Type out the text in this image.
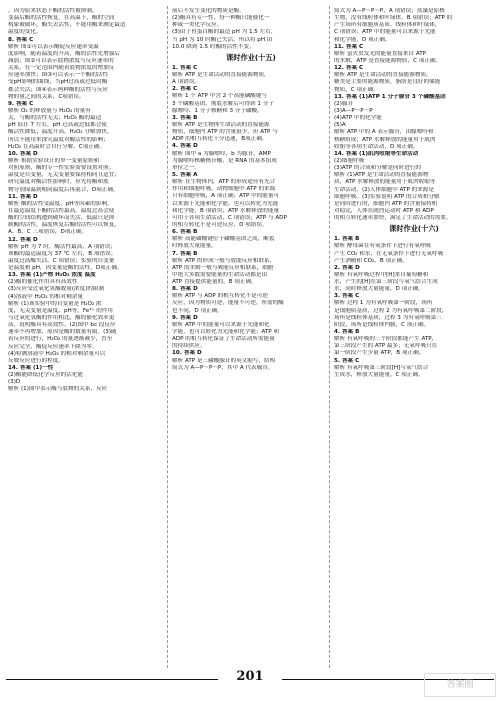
，因为原来状态下酶的活性被抑制，
变温后酶的活性恢复。在高温下，酶的空间
构象被破坏，酶失去活性，不能用酶来测定最适
温度的变化。
8. 答案 C
解析 图①可以表示酶促反应速率受温
度影响，随着温度的升高，酶的活性先增强后
减弱；图②可以表示底物浓度与反应速率的
关系，在一定范围内随着底物浓度的增加反
应速率加快；图③可以表示一个酶的活性
受pH影响的曲线，当pH过高或过低时酶
都会失活；图④表示两种酶的活性与反应
物的量之间的关系，C项错误。
9. 答案 C
解析 O₂ 的释放量与 H₂O₂ 的量有
关，与酶的活性无关；H₂O₂ 酶的最适
pH 值在 7 左右，pH 过高或过低都会使
酶活性降低；温度升高，H₂O₂ 分解加快，
所以不能用来探究温度对酶活性的影响；
H₂O₂ 在高温时会自行分解，C项正确。
10. 答案 D
解析 根据实验设计的单一变量原则和
对照原则，酶的专一性实验需要设置对照；
温度是自变量，无关变量要保持相同且适宜；
研究温度对酶活性影响时，应先将酶和底
物分别保温到相同温度后再混合，D项正确。
11. 答案 D
解析 酶的活性受温度、pH等因素的影响，
在最适温度下酶的活性最高，温度过高会使
酶的空间结构遭到破坏而失活，低温只是抑
制酶的活性，温度恢复后酶的活性可以恢复，
A、B、C 三项错误，D项正确。
12. 答案 D
解析 pH 为 7 时，酶活性最高，A 项错误；
该酶的最适温度为 37 ℃ 左右，B 项错误；
温度过高酶失活，C 项错误；实验的自变量
是温度和 pH，因变量是酶的活性，D项正确。
13. 答案 (1)产物 H₂O₂ 浓度 温度
(2)酶的催化作用具有高效性
(3)反应受过氧化氢酶数量(浓度)的限制
(4)溶液中 H₂O₂ 的相对剩余量
解析 (1)该实验中的自变量是 H₂O₂ 浓
度，无关变量是温度、pH等，Fe³⁺ 的作用
与过氧化氢酶的作用相比，酶的催化效率更
高，说明酶具有高效性。(2)图中 bc 段反应
速率不再增加，原因是酶的数量有限。(3)随
着反应的进行，H₂O₂ 的量逐渐减少，直至
反应完全，酶促反应速率下降为零。
(4)检测溶液中 H₂O₂ 的相对剩余量可以
反映反应进行的程度。
14. 答案 (1)一性
(2)酶能降低化学反应的活化能
(3)D
解析 (1)图中表示酶与底物的关系，反应
前后不发生变化的物质是酶。
(2)酶具有专一性，每一种酶只能催化一
种或一类化学反应。
(3)由于胃蛋白酶的最适 pH 为 1.5 左右，
当 pH 为 10 时酶已失活，所以将 pH 由
10.0 降到 1.5 时酶的活性不变。
课时作业(十五)
1. 答案 C
解析 ATP 是生命活动的直接能源物质，
A 项错误。
2. 答案 C
解析 1 个 ATP 中含 2 个高能磷酸键与
3 个磷酸基团，彻底水解后可得到 1 分子
腺嘌呤、1 分子核糖和 3 分子磷酸。
3. 答案 B
解析 ATP 是生物体生命活动的直接能源
物质，细胞内 ATP 的含量很少，但 ATP 与
ADP 的相互转化十分迅速，B项正确。
4. 答案 D
解析 图中 a 为腺嘌呤，b 为腺苷，AMP
为腺嘌呤核糖核苷酸，是 RNA 的基本组成
单位之一。
5. 答案 A
解析 在生物体内，ATP 的形成途径有光合
作用和细胞呼吸，动物细胞中 ATP 的来源
只有细胞呼吸，A 项正确；ATP 中的能量可
以来源于光能和化学能，也可以转化为光能
和化学能，B 项错误；ATP 水解释放的能量
可用于各项生命活动，C 项错误；ATP 与 ADP
的相互转化不是可逆反应，D 项错误。
6. 答案 B
解析 高能磷酸键位于磷酸基团之间，断裂
时释放大量能量。
7. 答案 B
解析 ATP 的形成一般与放能反应相联系，
ATP 的水解一般与吸能反应相联系，细胞
中绝大多数需要能量的生命活动都是由
ATP 直接提供能量的，B 项正确。
8. 答案 D
解析 ATP 与 ADP 的相互转化不是可逆
反应，因为物质可逆，能量不可逆，所需的酶
也不同，D 项正确。
9. 答案 D
解析 ATP 中的能量可以来源于光能和化
学能，也可以转化为光能和化学能；ATP 和
ADP 的相互转化保证了生命活动所需能量
的持续供应。
10. 答案 D
解析 ATP 是三磷酸腺苷的英文缩写，结构
简式为 A—P～P～P，其中 A 代表腺苷。
简式为 A—P～P～P，A 项错误；蓝藻是原核
生物，没有线粒体和叶绿体，B 项错误；ATP 的
产生场所有细胞质基质、线粒体和叶绿体，
C 项错误；ATP 中的能量可以来源于光能
和化学能，D 项正确。
11. 答案 C
解析 萤火虫发光的能量直接来自 ATP
的水解，ATP 是直接能源物质，C 项正确。
12. 答案 C
解析 ATP 是生命活动的直接能源物质，
糖类是主要的能源物质，脂肪是良好的储能
物质，C 项正确。
13. 答案 (1)ATP 1 分子腺苷 3 个磷酸基团
(2)腺苷
(3)A—P～P～P
(4)ATP 中的化学能
(5)A
解析 ATP 中的 A 表示腺苷，由腺嘌呤和
核糖组成；ATP 水解释放的能量用于肌肉
收缩等各项生命活动，D 项正确。
14. 答案 (1)肌肉收缩等生命活动
(2)细胞呼吸
(3)ATP 的合成和分解是同时进行的
解析 (1)ATP 是生命活动的直接能源物
质，ATP 水解释放的能量用于肌肉收缩等
生命活动。(2)人体细胞中 ATP 的来源是
细胞呼吸。(3)实验说明 ATP 的合成和分解
是同时进行的，细胞内 ATP 的含量保持相
对稳定，人体在剧烈运动时 ATP 和 ADP
的相互转化速率加快，满足了生命活动的需要。
课时作业(十六)
1. 答案 B
解析 酵母菌在有氧条件下进行有氧呼吸
产生 CO₂ 和水，在无氧条件下进行无氧呼吸
产生酒精和 CO₂，B 项正确。
2. 答案 D
解析 有氧呼吸过程中[H]来自葡萄糖和
水，产生的[H]在第三阶段与氧气结合生成
水，同时释放大量能量，D 项正确。
3. 答案 C
解析 过程 1 为有氧呼吸第一阶段，场所
是细胞质基质，过程 2 为有氧呼吸第二阶段，
场所是线粒体基质，过程 3 为有氧呼吸第三
阶段，场所是线粒体内膜，C 项正确。
4. 答案 B
解析 有氧呼吸的三个阶段都能产生 ATP，
第三阶段产生的 ATP 最多；无氧呼吸只在
第一阶段产生少量 ATP，B 项正确。
5. 答案 C
解析 有氧呼吸第三阶段[H]与氧气结合
生成水，释放大量能量，C 项正确。
201
答案圈
